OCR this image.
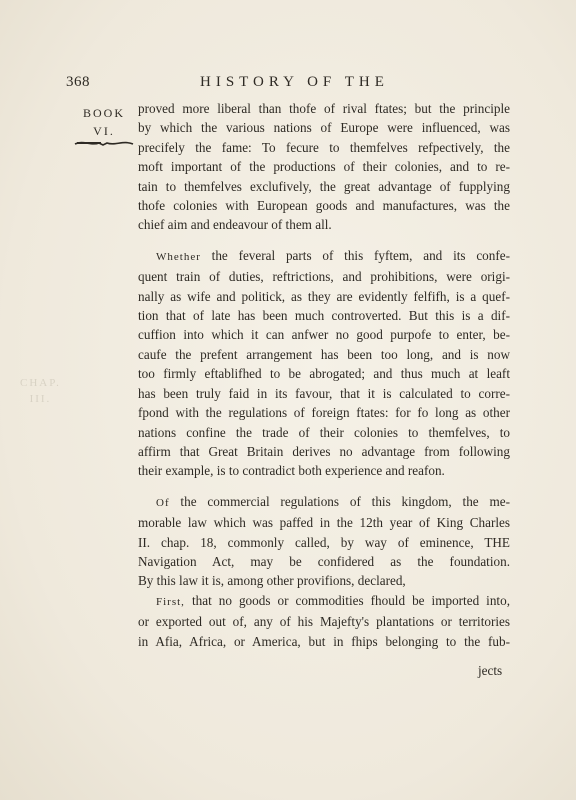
368	HISTORY OF THE
BOOK
VI.
CHAP.
III.
proved more liberal than thofe of rival ftates; but the principle
by which the various nations of Europe were influenced, was
precifely the fame: To fecure to themfelves refpectively, the
moft important of the productions of their colonies, and to re-
tain to themfelves exclufively, the great advantage of fupplying
thofe colonies with European goods and manufactures, was the
chief aim and endeavour of them all.
Whether the feveral parts of this fyftem, and its confe-
quent train of duties, reftrictions, and prohibitions, were origi-
nally as wife and politick, as they are evidently felfifh, is a quef-
tion that of late has been much controverted. But this is a dif-
cuffion into which it can anfwer no good purpofe to enter, be-
caufe the prefent arrangement has been too long, and is now
too firmly eftablifhed to be abrogated; and thus much at leaft
has been truly faid in its favour, that it is calculated to corre-
fpond with the regulations of foreign ftates: for fo long as other
nations confine the trade of their colonies to themfelves, to
affirm that Great Britain derives no advantage from following
their example, is to contradict both experience and reafon.
Of the commercial regulations of this kingdom, the me-
morable law which was paffed in the 12th year of King Charles
II. chap. 18, commonly called, by way of eminence, THE
Navigation Act, may be confidered as the foundation.
By this law it is, among other provifions, declared,
First, that no goods or commodities fhould be imported into,
or exported out of, any of his Majefty's plantations or territories
in Afia, Africa, or America, but in fhips belonging to the fub-
jects
